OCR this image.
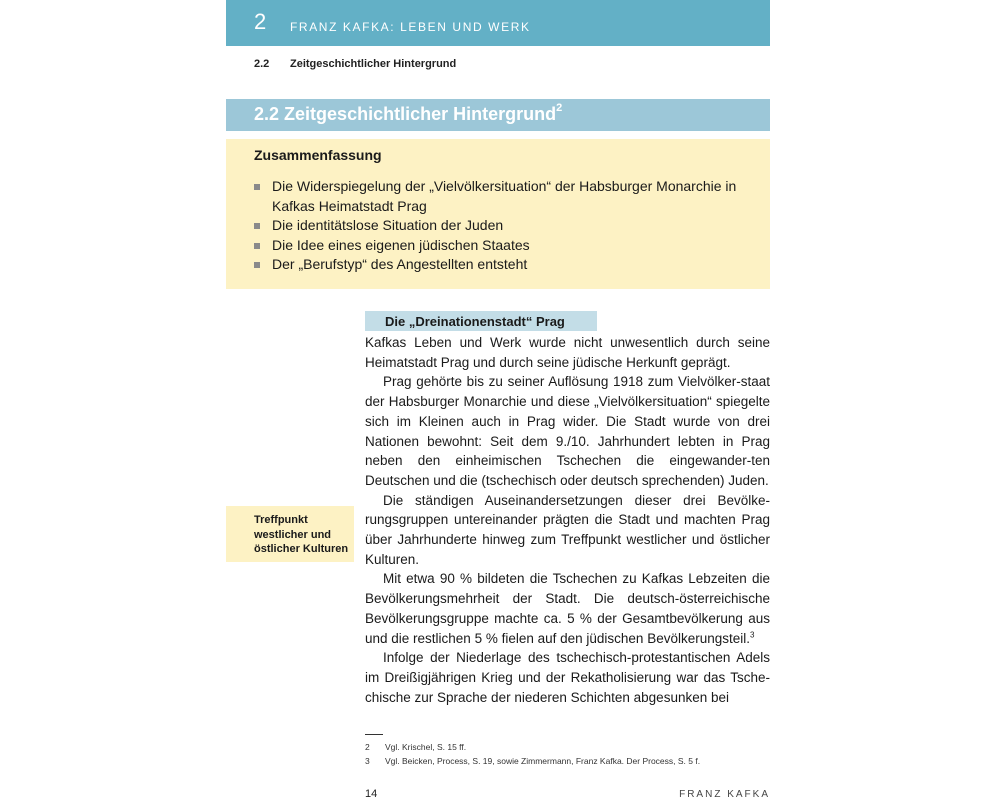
2 FRANZ KAFKA: LEBEN UND WERK
2.2 Zeitgeschichtlicher Hintergrund
2.2 Zeitgeschichtlicher Hintergrund$^2$
Zusammenfassung
Die Widerspiegelung der „Vielvölkersituation“ der Habsburger Monarchie in Kafkas Heimatstadt Prag
Die identitätslose Situation der Juden
Die Idee eines eigenen jüdischen Staates
Der „Berufstyp“ des Angestellten entsteht
Die „Dreinationenstadt“ Prag

Kafkas Leben und Werk wurde nicht unwesentlich durch seine Heimatstadt Prag und durch seine jüdische Herkunft geprägt.

Prag gehörte bis zu seiner Auflösung 1918 zum Vielvölker-staat der Habsburger Monarchie und diese „Vielvölkersituation“ spiegelte sich im Kleinen auch in Prag wider. Die Stadt wurde von drei Nationen bewohnt: Seit dem 9./10. Jahrhundert lebten in Prag neben den einheimischen Tschechen die eingewander-ten Deutschen und die (tschechisch oder deutsch sprechenden) Juden.

Die ständigen Auseinandersetzungen dieser drei Bevölke-rungsgruppen untereinander prägten die Stadt und machten Prag über Jahrhunderte hinweg zum Treffpunkt westlicher und östlicher Kulturen.

Mit etwa 90 % bildeten die Tschechen zu Kafkas Lebzeiten die Bevölkerungsmehrheit der Stadt. Die deutsch-österreichische Bevölkerungsgruppe machte ca. 5 % der Gesamtbevölkerung aus und die restlichen 5 % fielen auf den jüdischen Bevölkerungsteil.$^3$

Infolge der Niederlage des tschechisch-protestantischen Adels im Dreißigjährigen Krieg und der Rekatholisierung war das Tsche-chische zur Sprache der niederen Schichten abgesunken bei

Treffpunkt westlicher und östlicher Kulturen
2 Vgl. Krischel, S. 15 ff.
3 Vgl. Beicken, Process, S. 19, sowie Zimmermann, Franz Kafka. Der Process, S. 5 f.
14	FRANZ KAFKA
